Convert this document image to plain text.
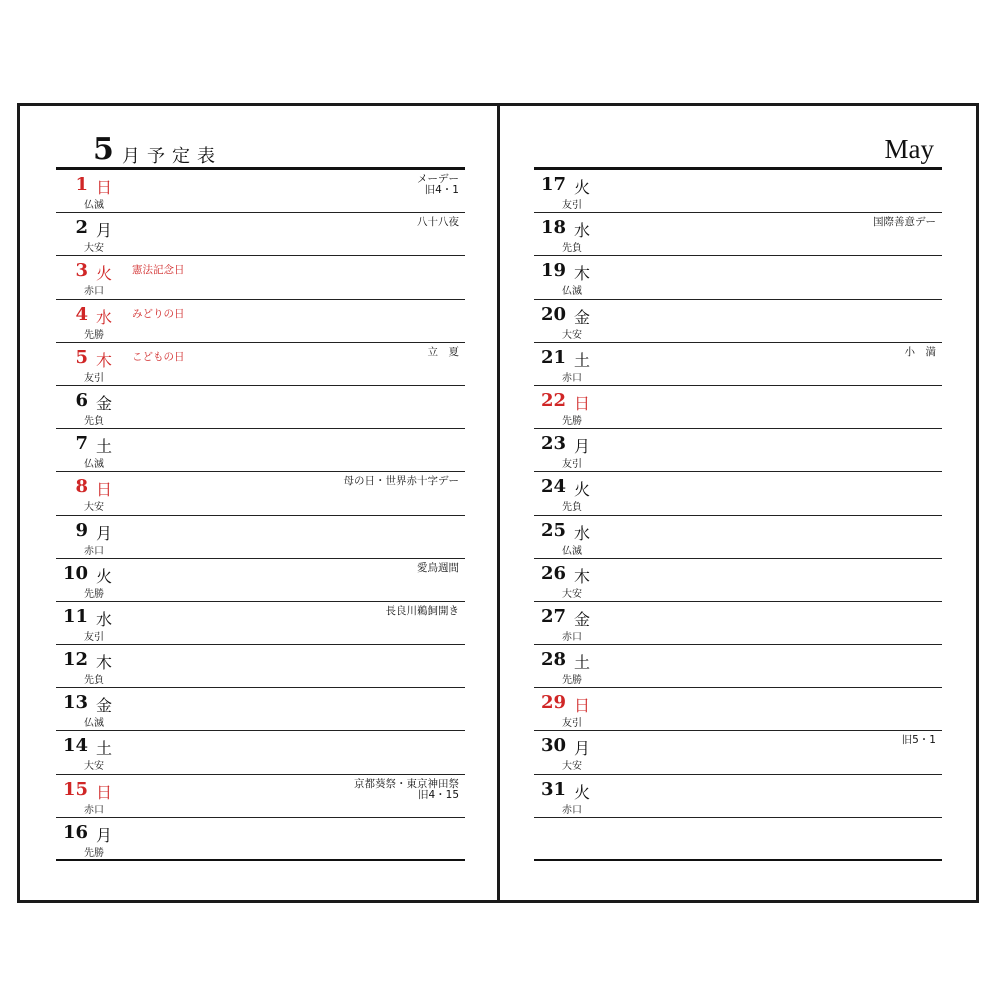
5 月予定表	May
1 日
仏滅
メーデー
旧4・1
2 月
大安
八十八夜
3 火
赤口
憲法記念日
4 水
先勝
みどりの日
5 木
友引
こどもの日	立　夏
6 金
先負
7 土
仏滅
8 日
大安
母の日・世界赤十字デー
9 月
赤口
10 火
先勝
愛鳥週間
11 水
友引
長良川鵜飼開き
12 木
先負
13 金
仏滅
14 土
大安
15 日
赤口
京都葵祭・東京神田祭
旧4・15
16 月
先勝
17 火
友引
18 水
先負
国際善意デー
19 木
仏滅
20 金
大安
21 土
赤口
小　満
22 日
先勝
23 月
友引
24 火
先負
25 水
仏滅
26 木
大安
27 金
赤口
28 土
先勝
29 日
友引
30 月
大安
旧5・1
31 火
赤口
